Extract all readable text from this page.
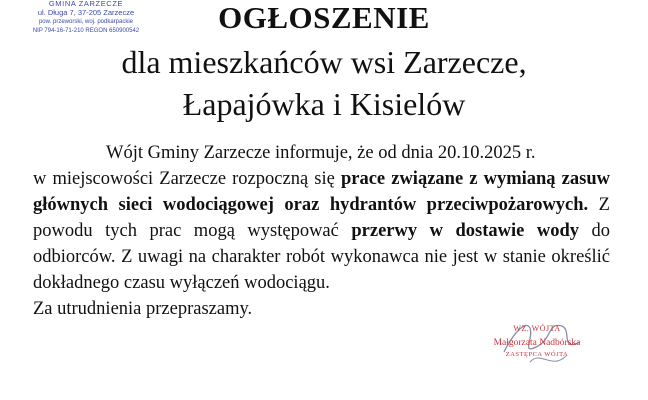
GMINA ZARZECZE
ul. Długa 7, 37-205 Zarzecze
pow. przeworski, woj. podkarpackie
NIP 794-16-71-210 REGON 650900542	OGŁOSZENIE
dla mieszkańców wsi Zarzecze,
Łapajówka i Kisielów

Wójt Gminy Zarzecze informuje, że od dnia 20.10.2025 r.

w miejscowości Zarzecze rozpoczną się prace związane z wymianą zasuw głównych sieci wodociągowej oraz hydrantów przeciwpożarowych. Z powodu tych prac mogą występować przerwy w dostawie wody do odbiorców. Z uwagi na charakter robót wykonawca nie jest w stanie określić dokładnego czasu wyłączeń wodociągu.

Za utrudnienia przepraszamy.

WZ. WÓJTA
Małgorzata Nadbórska
ZASTĘPCA WÓJTA
